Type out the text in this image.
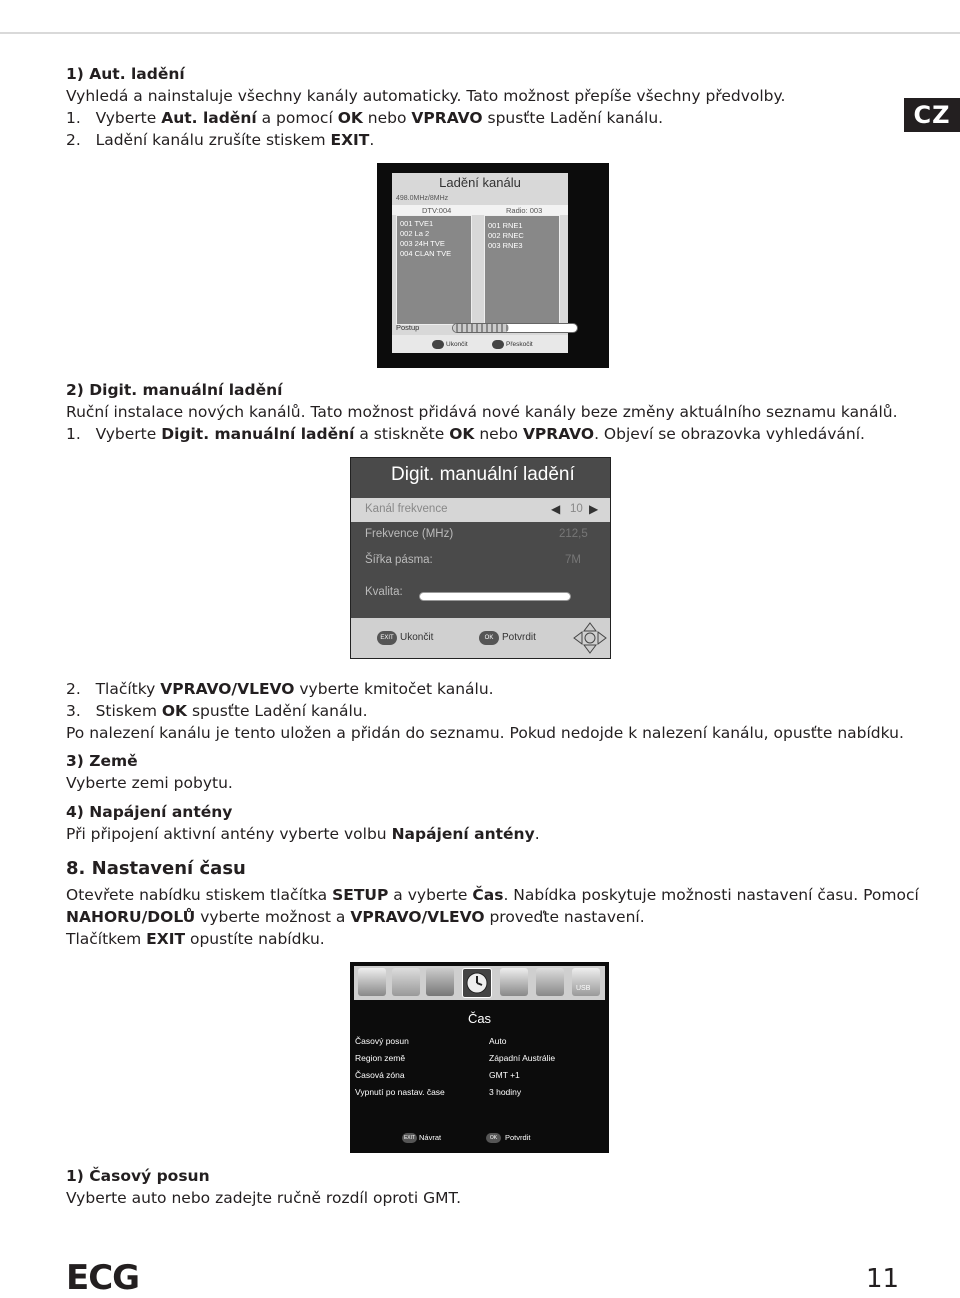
CZ
1) Aut. ladění
Vyhledá a nainstaluje všechny kanály automaticky. Tato možnost přepíše všechny předvolby.
1.   Vyberte Aut. ladění a pomocí OK nebo VPRAVO spusťte Ladění kanálu.
2.   Ladění kanálu zrušíte stiskem EXIT.
Ladění kanálu
498.0MHz/8MHz
DTV:004	Radio: 003
001 TVE1
002 La 2
003 24H TVE
004 CLAN TVE
001 RNE1
002 RNEC
003 RNE3
Postup
Ukončit	Přeskočit
2) Digit. manuální ladění
Ruční instalace nových kanálů. Tato možnost přidává nové kanály beze změny aktuálního seznamu kanálů.
1.   Vyberte Digit. manuální ladění a stiskněte OK nebo VPRAVO. Objeví se obrazovka vyhledávání.
Digit. manuální ladění
Kanál frekvence	◀ 10 ▶
Frekvence (MHz)	212,5
Šířka pásma:	7M
Kvalita:
EXIT Ukončit	OK Potvrdit
2.   Tlačítky VPRAVO/VLEVO vyberte kmitočet kanálu.
3.   Stiskem OK spusťte Ladění kanálu.
Po nalezení kanálu je tento uložen a přidán do seznamu. Pokud nedojde k nalezení kanálu, opusťte nabídku.
3) Země
Vyberte zemi pobytu.
4) Napájení antény
Při připojení aktivní antény vyberte volbu Napájení antény.
8. Nastavení času
Otevřete nabídku stiskem tlačítka SETUP a vyberte Čas. Nabídka poskytuje možnosti nastavení času. Pomocí
NAHORU/DOLŮ vyberte možnost a VPRAVO/VLEVO proveďte nastavení.
Tlačítkem EXIT opustíte nabídku.
USB
Čas
Časový posun	Auto
Region země	Západní Austrálie
Časová zóna	GMT +1
Vypnutí po nastav. čase	3 hodiny
EXIT Návrat	OK	Potvrdit
1) Časový posun
Vyberte auto nebo zadejte ručně rozdíl oproti GMT.
ECG	11
